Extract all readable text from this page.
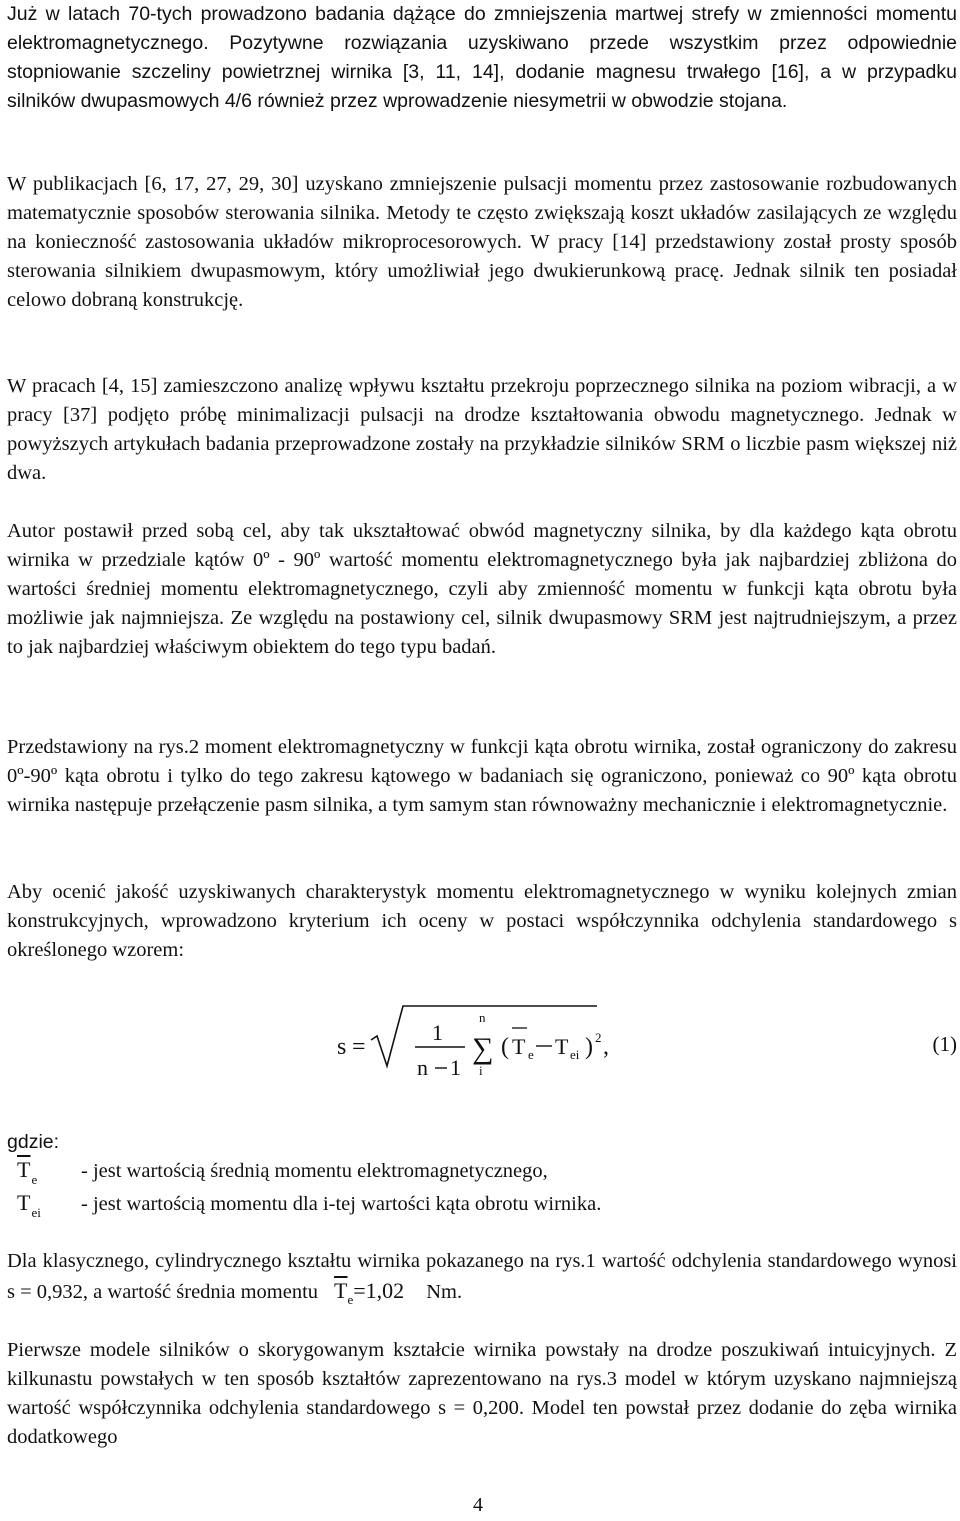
Już w latach 70-tych prowadzono badania dążące do zmniejszenia martwej strefy w zmienności momentu elektromagnetycznego. Pozytywne rozwiązania uzyskiwano przede wszystkim przez odpowiednie stopniowanie szczeliny powietrznej wirnika [3, 11, 14], dodanie magnesu trwałego [16], a w przypadku silników dwupasmowych 4/6 również przez wprowadzenie niesymetrii w obwodzie stojana.

W publikacjach [6, 17, 27, 29, 30] uzyskano zmniejszenie pulsacji momentu przez zastosowanie rozbudowanych matematycznie sposobów sterowania silnika. Metody te często zwiększają koszt układów zasilających ze względu na konieczność zastosowania układów mikroprocesorowych. W pracy [14] przedstawiony został prosty sposób sterowania silnikiem dwupasmowym, który umożliwiał jego dwukierunkową pracę. Jednak silnik ten posiadał celowo dobraną konstrukcję.

W pracach [4, 15] zamieszczono analizę wpływu kształtu przekroju poprzecznego silnika na poziom wibracji, a w pracy [37] podjęto próbę minimalizacji pulsacji na drodze kształtowania obwodu magnetycznego. Jednak w powyższych artykułach badania przeprowadzone zostały na przykładzie silników SRM o liczbie pasm większej niż dwa.

Autor postawił przed sobą cel, aby tak ukształtować obwód magnetyczny silnika, by dla każdego kąta obrotu wirnika w przedziale kątów 0º - 90º wartość momentu elektromagnetycznego była jak najbardziej zbliżona do wartości średniej momentu elektromagnetycznego, czyli aby zmienność momentu w funkcji kąta obrotu była możliwie jak najmniejsza. Ze względu na postawiony cel, silnik dwupasmowy SRM jest najtrudniejszym, a przez to jak najbardziej właściwym obiektem do tego typu badań.

Przedstawiony na rys.2 moment elektromagnetyczny w funkcji kąta obrotu wirnika, został ograniczony do zakresu 0º-90º kąta obrotu i tylko do tego zakresu kątowego w badaniach się ograniczono, ponieważ co 90º kąta obrotu wirnika następuje przełączenie pasm silnika, a tym samym stan równoważny mechanicznie i elektromagnetycznie.

Aby ocenić jakość uzyskiwanych charakterystyk momentu elektromagnetycznego w wyniku kolejnych zmian konstrukcyjnych, wprowadzono kryterium ich oceny w postaci współczynnika odchylenia standardowego s określonego wzorem:

s =
1
n 1
n
∑
i
( T e T ei ) 2 ,	(1)
gdzie:
$\overline{T}_e$ - jest wartością średnią momentu elektromagnetycznego,
$T_{ei}$ - jest wartością momentu dla i-tej wartości kąta obrotu wirnika.

Dla klasycznego, cylindrycznego kształtu wirnika pokazanego na rys.1 wartość odchylenia standardowego wynosi s = 0,932, a wartość średnia momentu $\overline{T}_e=1,02$ Nm.

Pierwsze modele silników o skorygowanym kształcie wirnika powstały na drodze poszukiwań intuicyjnych. Z kilkunastu powstałych w ten sposób kształtów zaprezentowano na rys.3 model w którym uzyskano najmniejszą wartość współczynnika odchylenia standardowego s = 0,200. Model ten powstał przez dodanie do zęba wirnika dodatkowego

4
